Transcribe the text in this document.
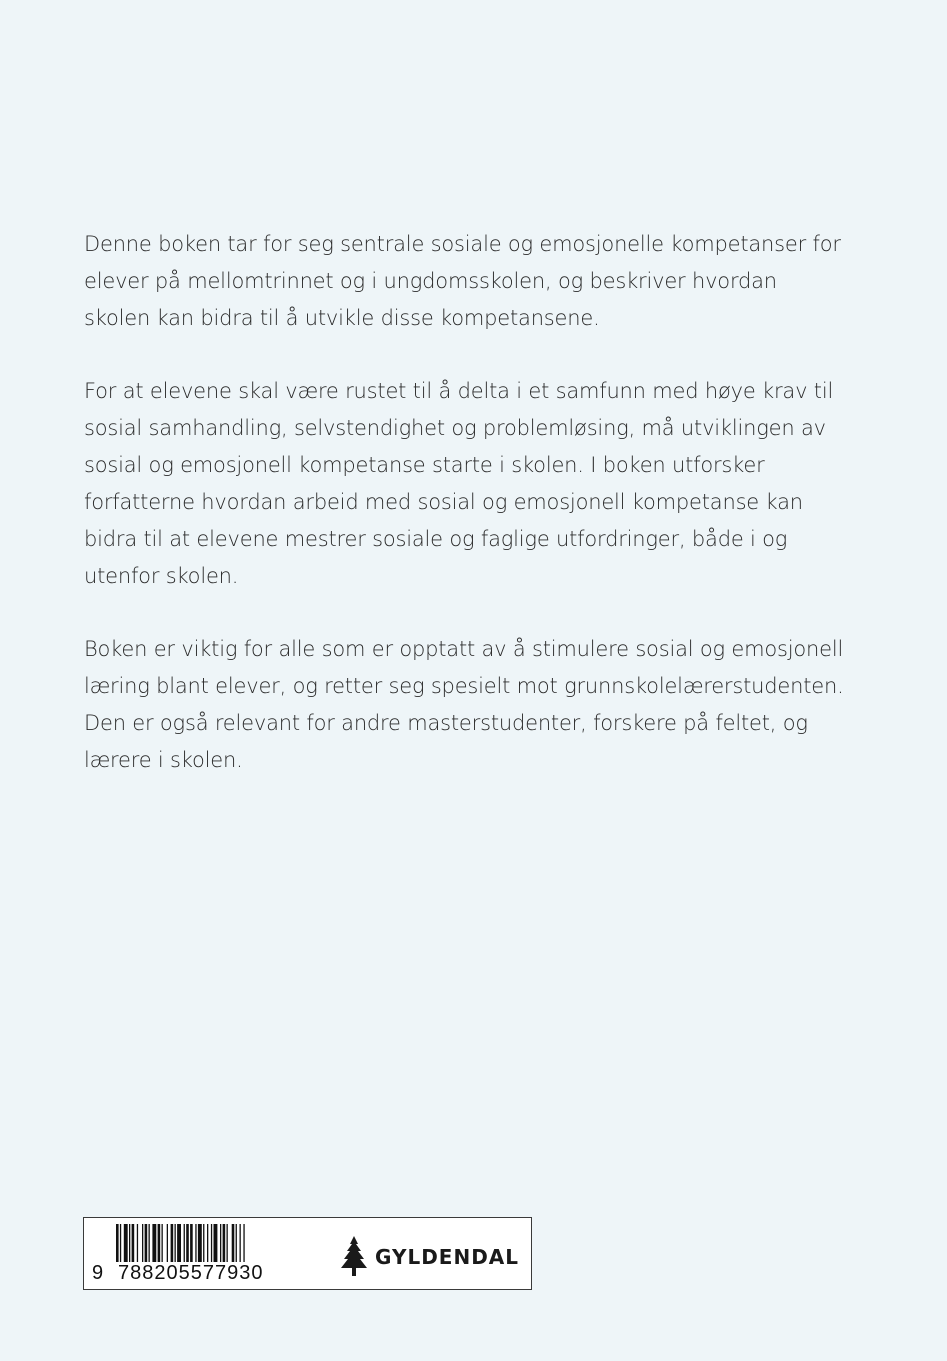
Denne boken tar for seg sentrale sosiale og emosjonelle kompetanser for elever på mellomtrinnet og i ungdomsskolen, og beskriver hvordan skolen kan bidra til å utvikle disse kompetansene.

For at elevene skal være rustet til å delta i et samfunn med høye krav til sosial samhandling, selvstendighet og problemløsing, må utviklingen av sosial og emosjonell kompetanse starte i skolen. I boken utforsker forfatterne hvordan arbeid med sosial og emosjonell kompetanse kan bidra til at elevene mestrer sosiale og faglige utfordringer, både i og utenfor skolen.

Boken er viktig for alle som er opptatt av å stimulere sosial og emosjonell læring blant elever, og retter seg spesielt mot grunnskolelærerstudenten. Den er også relevant for andre masterstudenter, forskere på feltet, og lærere i skolen.

9 788205577930
GYLDENDAL
